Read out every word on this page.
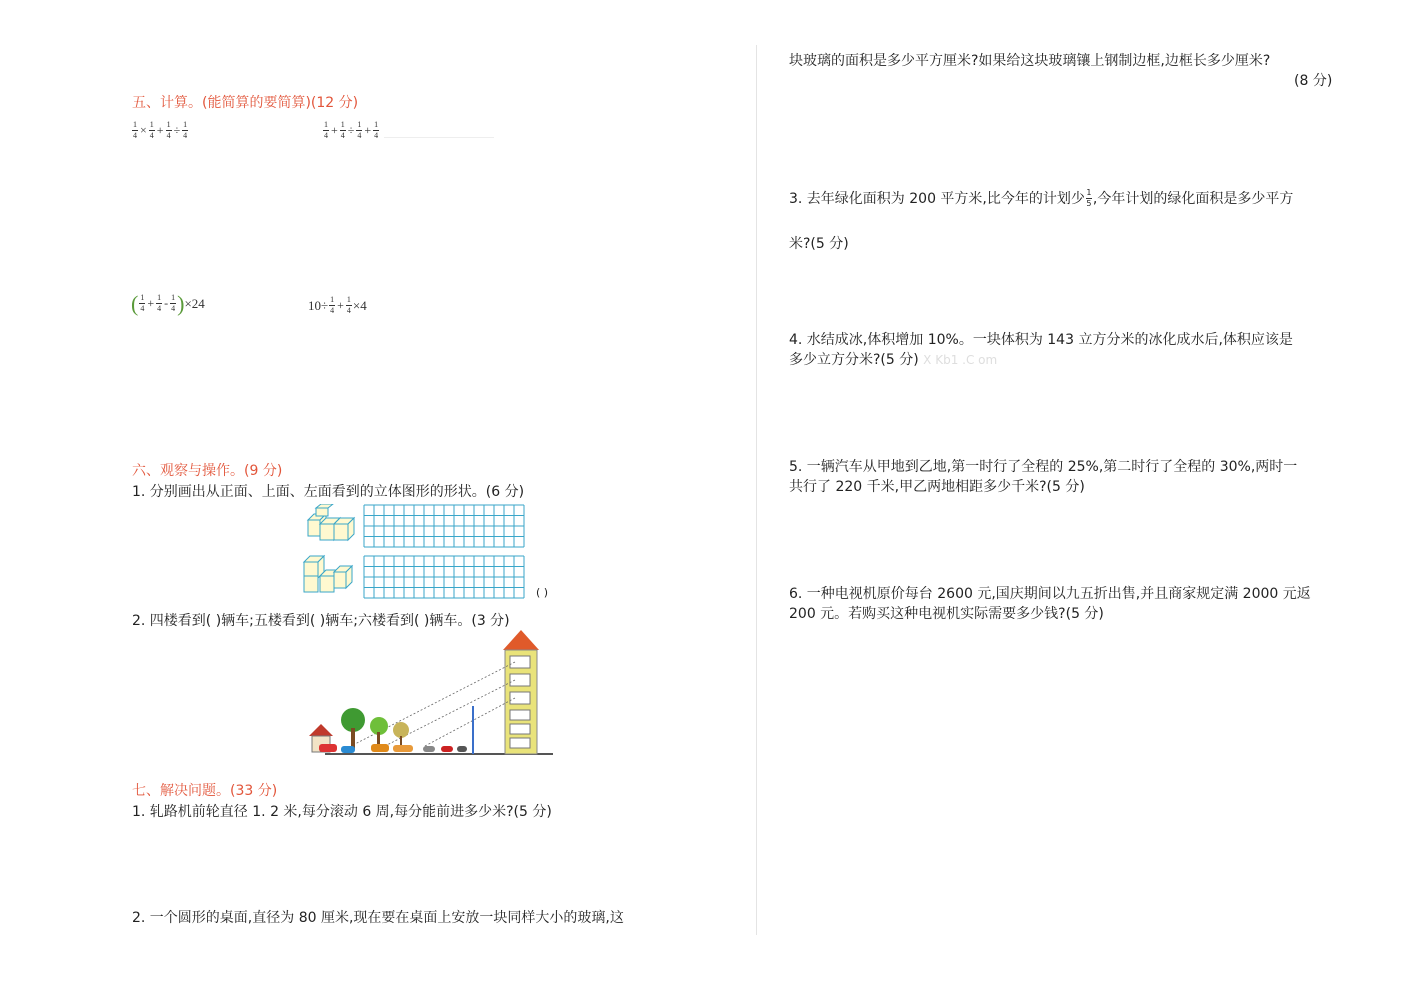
五、计算。(能简算的要简算)(12 分)
$\frac{1}{4} \times \frac{1}{4} + \frac{1}{4} \div \frac{1}{4}$	$\frac{1}{4} + \frac{1}{4} \div \frac{1}{4} + \frac{1}{4}$
( $\frac{1}{4} + \frac{1}{4} - \frac{1}{4}$ ) ×24	$10\div \frac{1}{4} + \frac{1}{4} \times 4$
六、观察与操作。(9 分)
1. 分别画出从正面、上面、左面看到的立体图形的形状。(6 分)
( )
2. 四楼看到( )辆车;五楼看到( )辆车;六楼看到( )辆车。(3 分)
七、解决问题。(33 分)
1. 轧路机前轮直径 1. 2 米,每分滚动 6 周,每分能前进多少米?(5 分)
2. 一个圆形的桌面,直径为 80 厘米,现在要在桌面上安放一块同样大小的玻璃,这
块玻璃的面积是多少平方厘米?如果给这块玻璃镶上钢制边框,边框长多少厘米?
(8 分)
3. 去年绿化面积为 200 平方米,比今年的计划少 $\frac{1}{5}$ ,今年计划的绿化面积是多少平方
米?(5 分)
4. 水结成冰,体积增加 10%。一块体积为 143 立方分米的冰化成水后,体积应该是
多少立方分米?(5 分) X Kb1 .C om
5. 一辆汽车从甲地到乙地,第一时行了全程的 25%,第二时行了全程的 30%,两时一
共行了 220 千米,甲乙两地相距多少千米?(5 分)
6. 一种电视机原价每台 2600 元,国庆期间以九五折出售,并且商家规定满 2000 元返
200 元。若购买这种电视机实际需要多少钱?(5 分)
